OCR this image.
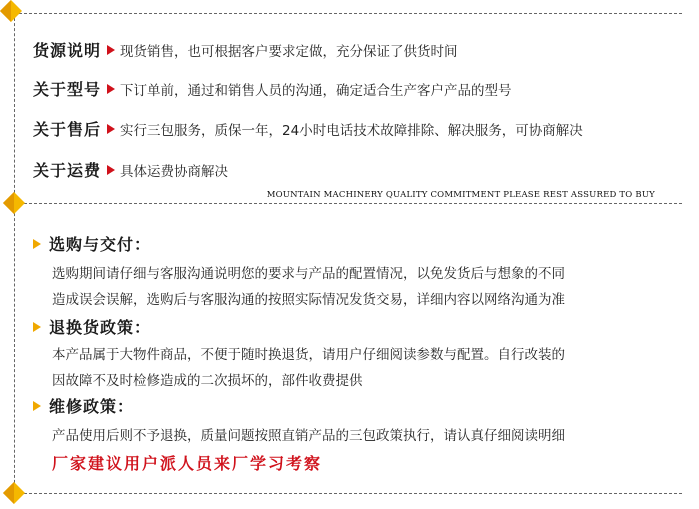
货源说明 现货销售，也可根据客户要求定做，充分保证了供货时间
关于型号 下订单前，通过和销售人员的沟通，确定适合生产客户产品的型号
关于售后 实行三包服务，质保一年，24小时电话技术故障排除、解决服务，可协商解决
关于运费 具体运费协商解决
MOUNTAIN MACHINERY QUALITY COMMITMENT PLEASE REST ASSURED TO BUY
选购与交付：
选购期间请仔细与客服沟通说明您的要求与产品的配置情况，以免发货后与想象的不同
造成误会误解，选购后与客服沟通的按照实际情况发货交易，详细内容以网络沟通为准
退换货政策：
本产品属于大物件商品，不便于随时换退货，请用户仔细阅读参数与配置。自行改装的
因故障不及时检修造成的二次损坏的，部件收费提供
维修政策：
产品使用后则不予退换，质量问题按照直销产品的三包政策执行，请认真仔细阅读明细
厂家建议用户派人员来厂学习考察
